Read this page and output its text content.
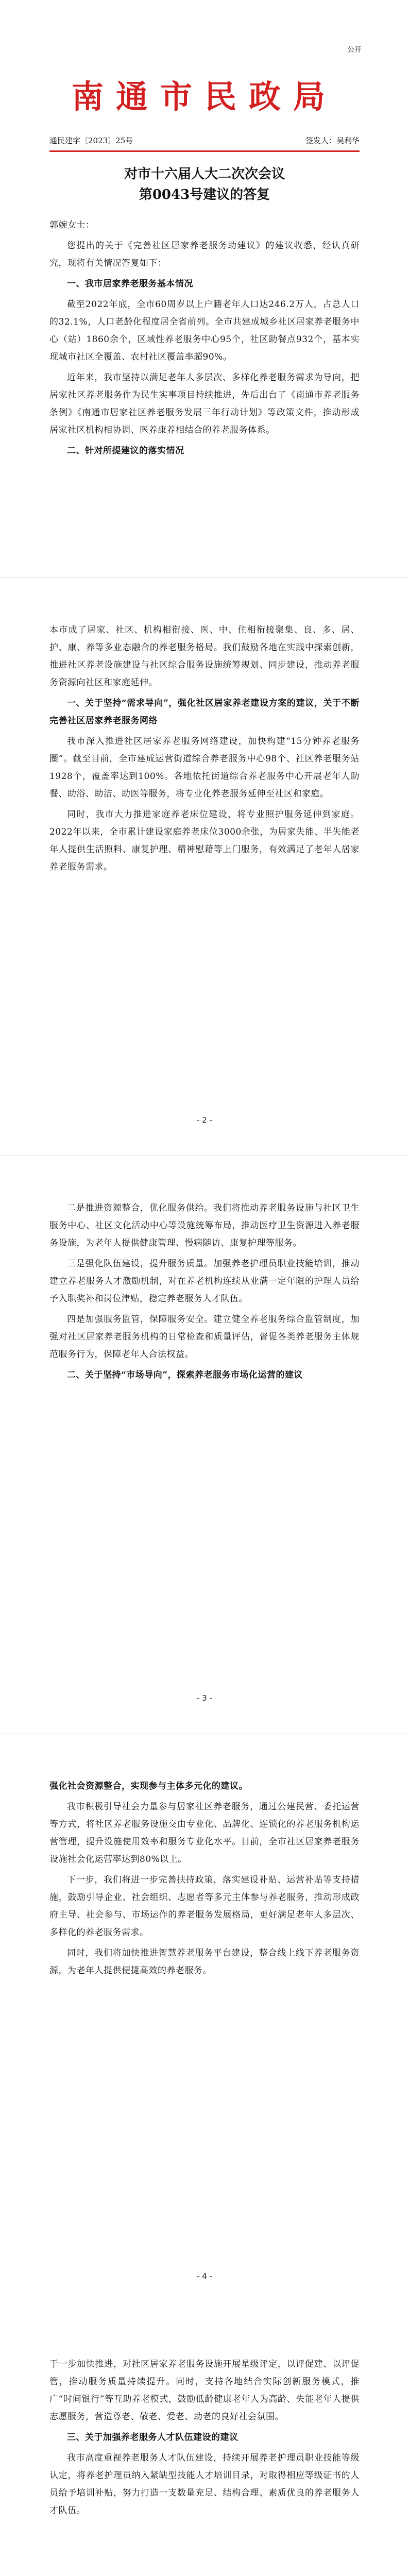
公开
南通市民政局
通民建字〔2023〕25号	签发人：吴利华
对市十六届人大二次次会议
第0043号建议的答复

郭婉女士：

您提出的关于《完善社区居家养老服务助建议》的建议收悉，经认真研究，现将有关情况答复如下：

一、我市居家养老服务基本情况

截至2022年底，全市60周岁以上户籍老年人口达246.2万人，占总人口的32.1%，人口老龄化程度居全省前列。全市共建成城乡社区居家养老服务中心（站）1860余个，区域性养老服务中心95个，社区助餐点932个，基本实现城市社区全覆盖、农村社区覆盖率超90%。

近年来，我市坚持以满足老年人多层次、多样化养老服务需求为导向，把居家社区养老服务作为民生实事项目持续推进，先后出台了《南通市养老服务条例》《南通市居家社区养老服务发展三年行动计划》等政策文件，推动形成居家社区机构相协调、医养康养相结合的养老服务体系。

二、针对所提建议的落实情况

本市成了居家、社区、机构相衔接、医、中、住相衔接聚集、良、多、居、护、康、养等多业态融合的养老服务格局。我们鼓励各地在实践中探索创新，推进社区养老设施建设与社区综合服务设施统筹规划、同步建设，推动养老服务资源向社区和家庭延伸。

一、关于坚持“需求导向”，强化社区居家养老建设方案的建议，关于不断完善社区居家养老服务网络

我市深入推进社区居家养老服务网络建设，加快构建“15分钟养老服务圈”。截至目前，全市建成运营街道综合养老服务中心98个、社区养老服务站1928个，覆盖率达到100%。各地依托街道综合养老服务中心开展老年人助餐、助浴、助洁、助医等服务，将专业化养老服务延伸至社区和家庭。

同时，我市大力推进家庭养老床位建设，将专业照护服务延伸到家庭。2022年以来，全市累计建设家庭养老床位3000余张，为居家失能、半失能老年人提供生活照料、康复护理、精神慰藉等上门服务，有效满足了老年人居家养老服务需求。

- 2 -

二是推进资源整合，优化服务供给。我们将推动养老服务设施与社区卫生服务中心、社区文化活动中心等设施统筹布局，推动医疗卫生资源进入养老服务设施，为老年人提供健康管理、慢病随访、康复护理等服务。

三是强化队伍建设，提升服务质量。加强养老护理员职业技能培训，推动建立养老服务人才激励机制，对在养老机构连续从业满一定年限的护理人员给予入职奖补和岗位津贴，稳定养老服务人才队伍。

四是加强服务监管，保障服务安全。建立健全养老服务综合监管制度，加强对社区居家养老服务机构的日常检查和质量评估，督促各类养老服务主体规范服务行为，保障老年人合法权益。

二、关于坚持“市场导向”，探索养老服务市场化运营的建议

- 3 -

强化社会资源整合，实现参与主体多元化的建议。

我市积极引导社会力量参与居家社区养老服务，通过公建民营、委托运营等方式，将社区养老服务设施交由专业化、品牌化、连锁化的养老服务机构运营管理，提升设施使用效率和服务专业化水平。目前，全市社区居家养老服务设施社会化运营率达到80%以上。

下一步，我们将进一步完善扶持政策，落实建设补贴、运营补贴等支持措施，鼓励引导企业、社会组织、志愿者等多元主体参与养老服务，推动形成政府主导、社会参与、市场运作的养老服务发展格局，更好满足老年人多层次、多样化的养老服务需求。

同时，我们将加快推进智慧养老服务平台建设，整合线上线下养老服务资源，为老年人提供便捷高效的养老服务。

- 4 -

于一步加快推进，对社区居家养老服务设施开展星级评定，以评促建、以评促管，推动服务质量持续提升。同时，支持各地结合实际创新服务模式，推广“时间银行”等互助养老模式，鼓励低龄健康老年人为高龄、失能老年人提供志愿服务，营造尊老、敬老、爱老、助老的良好社会氛围。

三、关于加强养老服务人才队伍建设的建议

我市高度重视养老服务人才队伍建设，持续开展养老护理员职业技能等级认定，将养老护理员纳入紧缺型技能人才培训目录，对取得相应等级证书的人员给予培训补贴，努力打造一支数量充足、结构合理、素质优良的养老服务人才队伍。
